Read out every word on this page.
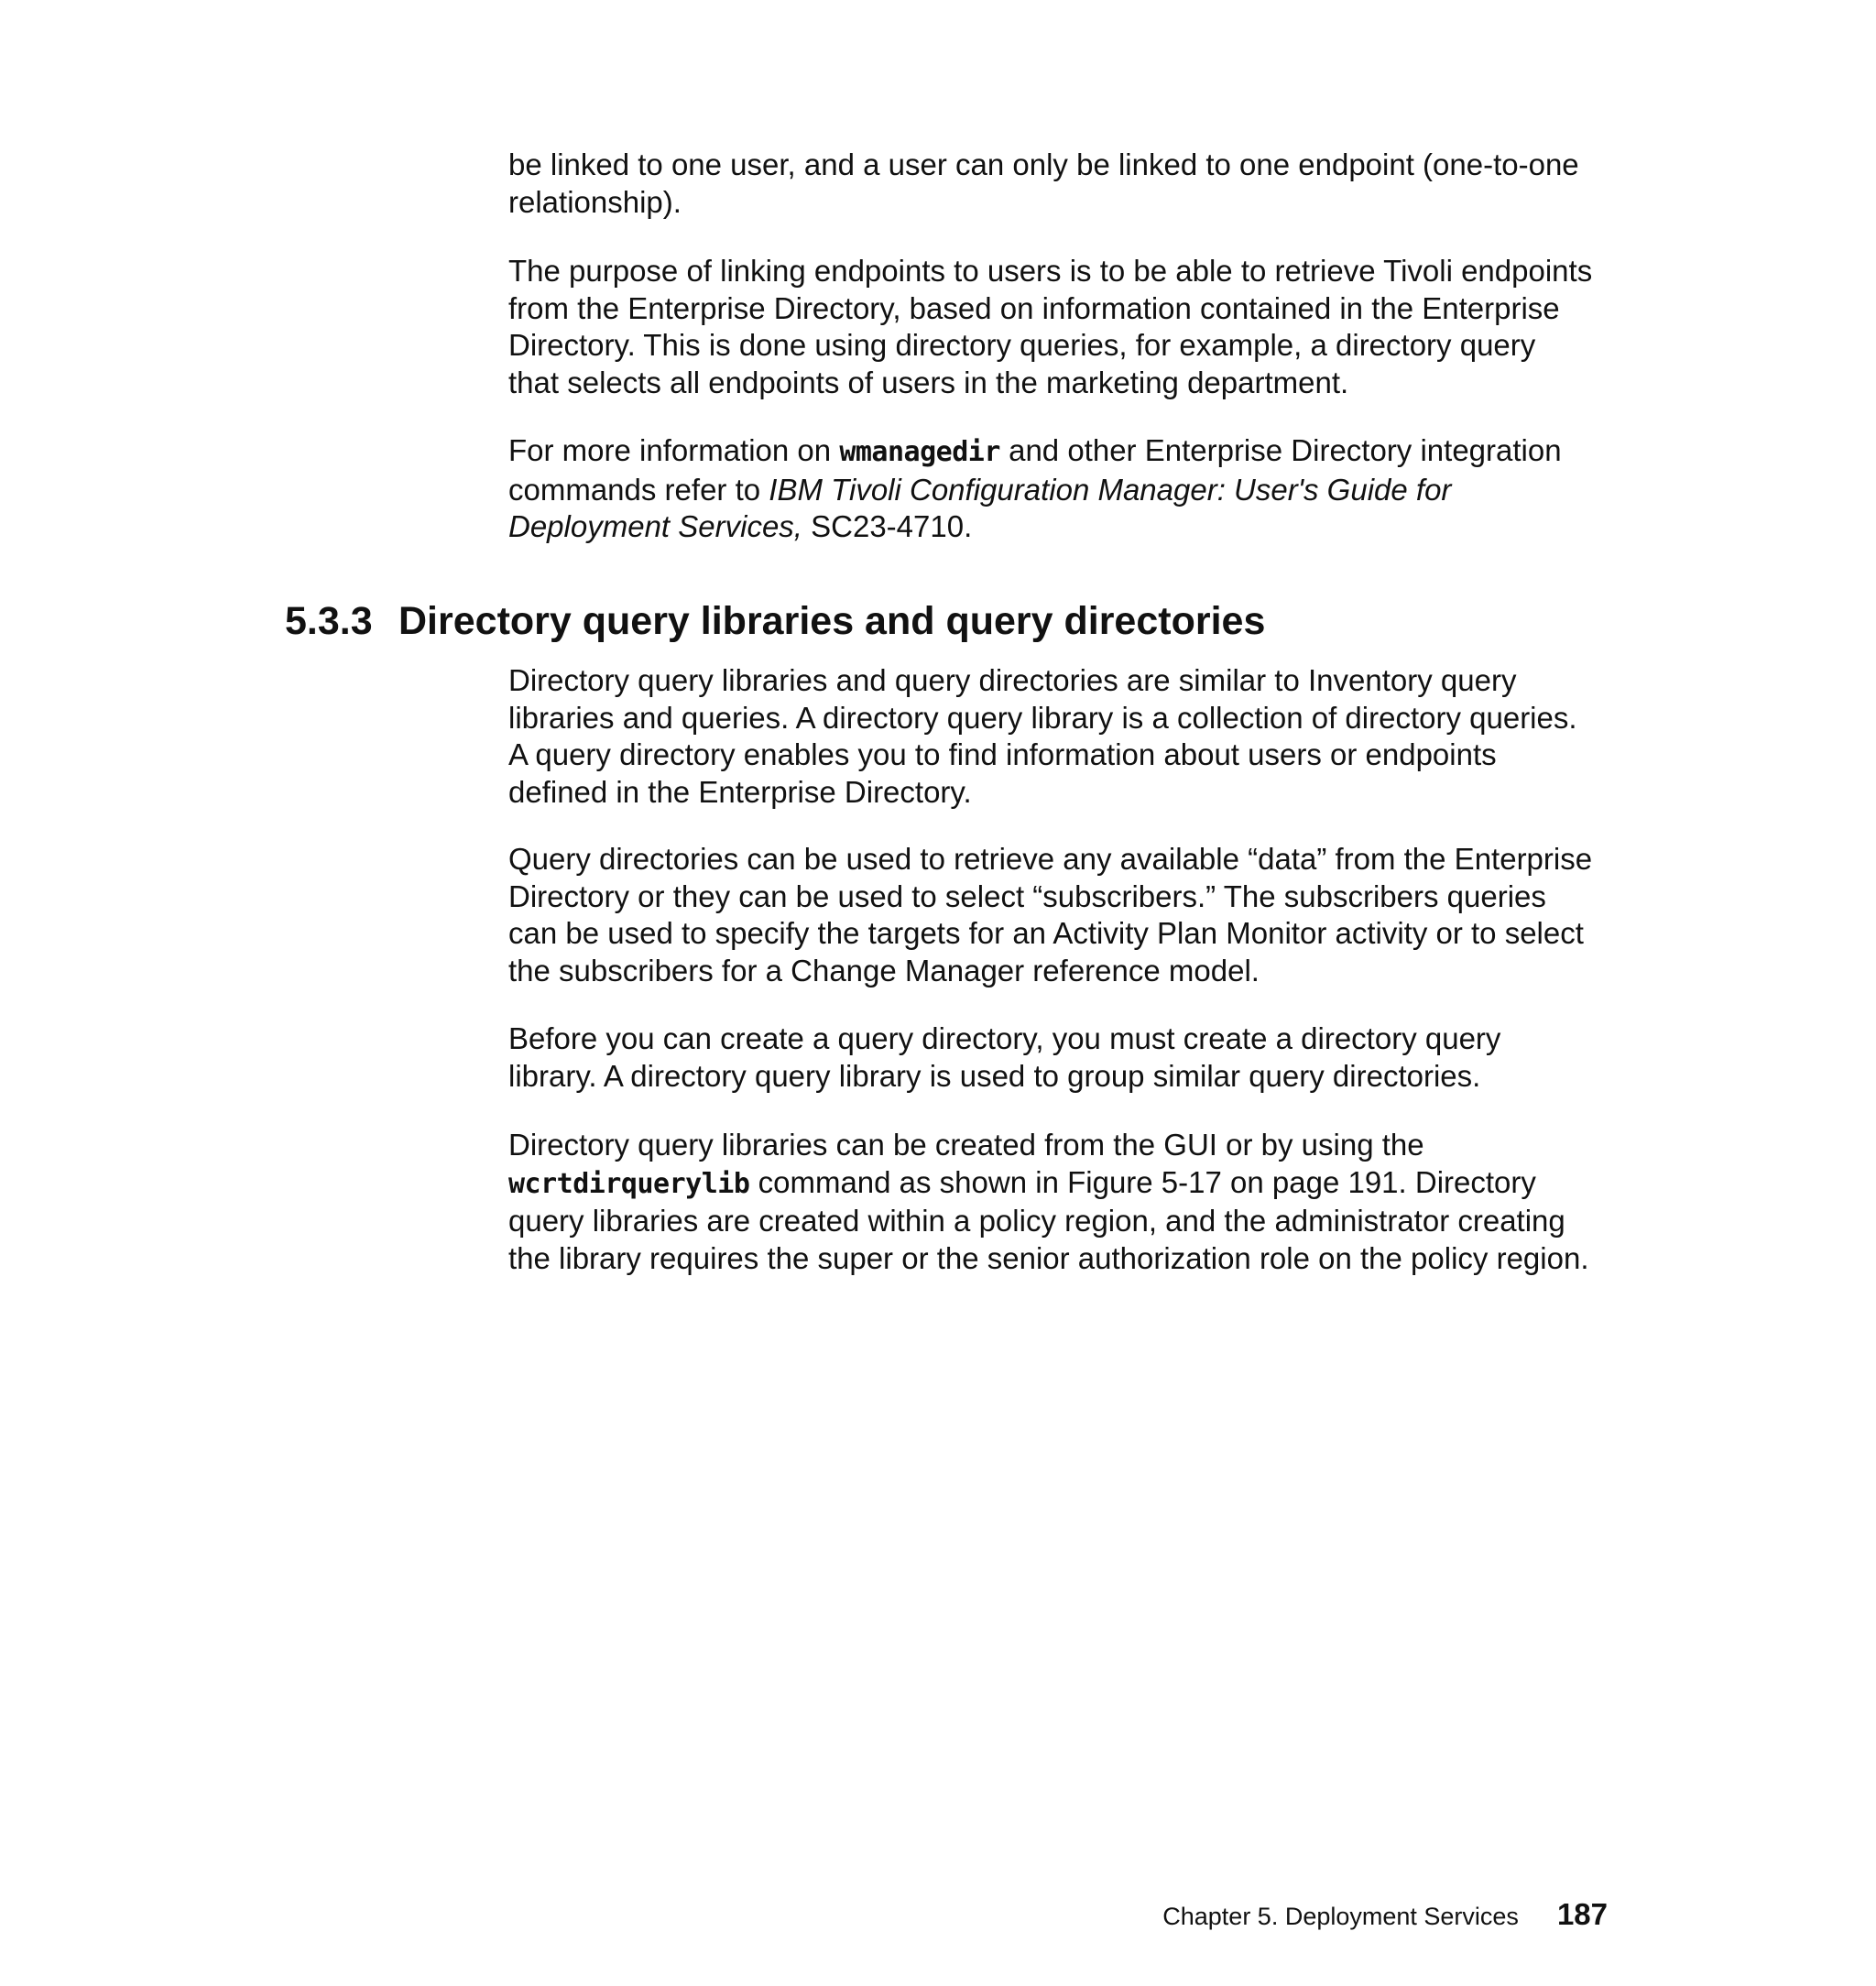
be linked to one user, and a user can only be linked to one endpoint (one-to-one
relationship).

The purpose of linking endpoints to users is to be able to retrieve Tivoli endpoints
from the Enterprise Directory, based on information contained in the Enterprise
Directory. This is done using directory queries, for example, a directory query
that selects all endpoints of users in the marketing department.

For more information on wmanagedir and other Enterprise Directory integration
commands refer to IBM Tivoli Configuration Manager: User's Guide for
Deployment Services, SC23-4710.

5.3.3 Directory query libraries and query directories

Directory query libraries and query directories are similar to Inventory query
libraries and queries. A directory query library is a collection of directory queries.
A query directory enables you to find information about users or endpoints
defined in the Enterprise Directory.

Query directories can be used to retrieve any available “data” from the Enterprise
Directory or they can be used to select “subscribers.” The subscribers queries
can be used to specify the targets for an Activity Plan Monitor activity or to select
the subscribers for a Change Manager reference model.

Before you can create a query directory, you must create a directory query
library. A directory query library is used to group similar query directories.

Directory query libraries can be created from the GUI or by using the
wcrtdirquerylib command as shown in Figure 5-17 on page 191. Directory
query libraries are created within a policy region, and the administrator creating
the library requires the super or the senior authorization role on the policy region.

Chapter 5. Deployment Services 187
